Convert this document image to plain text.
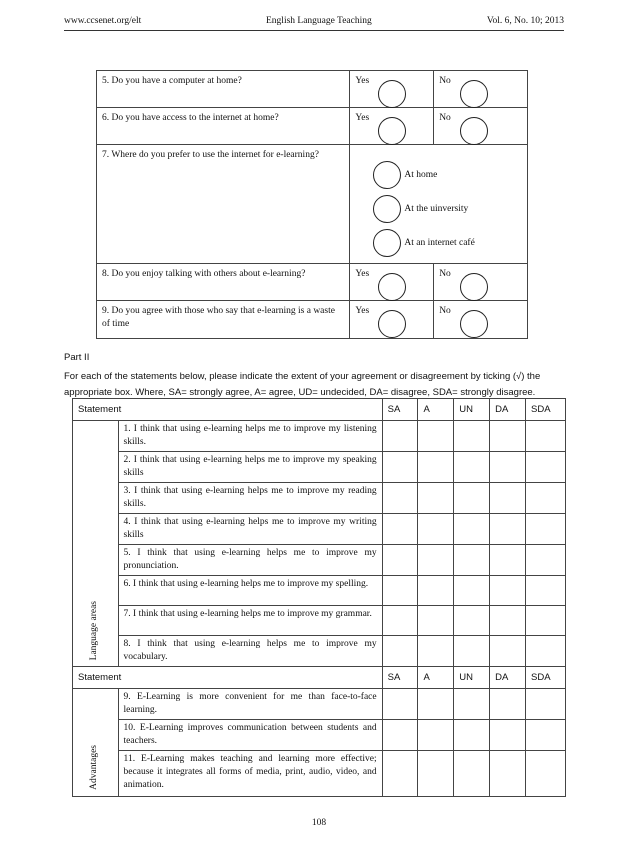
www.ccsenet.org/elt	English Language Teaching	Vol. 6, No. 10; 2013
5. Do you have a computer at home?	Yes	No

6. Do you have access to the internet at home?	Yes	No

7. Where do you prefer to use the internet for e-learning?	At home
At the uinversity
At an internet café	

8. Do you enjoy talking with others about e-learning?	Yes	No

9. Do you agree with those who say that e-learning is a waste of time	Yes	No
Part II
For each of the statements below, please indicate the extent of your agreement or disagreement by ticking (√) the appropriate box. Where, SA= strongly agree, A= agree, UD= undecided, DA= disagree, SDA= strongly disagree.
Statement		SA	A	UN	DA	SDA

Language areas	1. I think that using e-learning helps me to improve my listening skills.					
	2. I think that using e-learning helps me to improve my speaking skills					
	3. I think that using e-learning helps me to improve my reading skills.					
	4. I think that using e-learning helps me to improve my writing skills					
	5. I think that using e-learning helps me to improve my pronunciation.					
	6. I think that using e-learning helps me to improve my spelling.					
	7. I think that using e-learning helps me to improve my grammar.					
	8. I think that using e-learning helps me to improve my vocabulary.					
Statement		SA	A	UN	DA	SDA

Advantages	9. E-Learning is more convenient for me than face-to-face learning.					
	10. E-Learning improves communication between students and teachers.					
	11. E-Learning makes teaching and learning more effective; because it integrates all forms of media, print, audio, video, and animation.					
108
